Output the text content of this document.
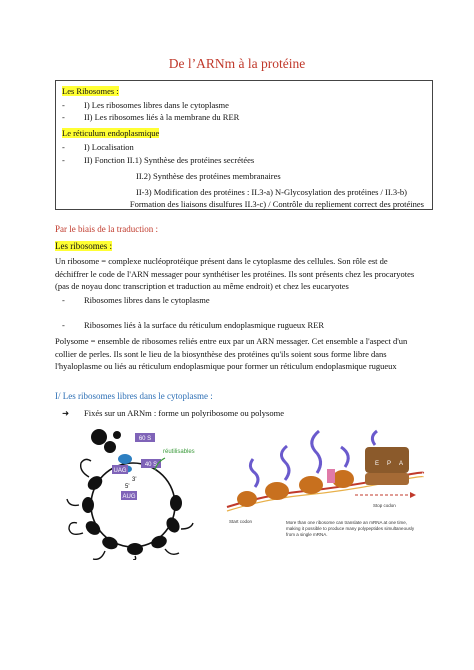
De l’ARNm à la protéine
Les Ribosomes :
- I) Les ribosomes libres dans le cytoplasme
- II) Les ribosomes liés à la membrane du RER
Le réticulum endoplasmique
- I) Localisation
- II) Fonction II.1) Synthèse des protéines secrétées
II.2) Synthèse des protéines membranaires
II-3) Modification des protéines : II.3-a) N-Glycosylation des protéines / II.3-b)
Formation des liaisons disulfures II.3-c) / Contrôle du repliement correct des protéines
Par le biais de la traduction :
Les ribosomes :
Un ribosome = complexe nucléoprotéique présent dans le cytoplasme des cellules. Son rôle est de déchiffrer le code de l'ARN messager pour synthétiser les protéines. Ils sont présents chez les procaryotes (pas de noyau donc transcription et traduction au même endroit) et chez les eucaryotes
- Ribosomes libres dans le cytoplasme
- Ribosomes liés à la surface du réticulum endoplasmique rugueux RER
Polysome = ensemble de ribosomes reliés entre eux par un ARN messager. Cet ensemble a l'aspect d'un collier de perles. Ils sont le lieu de la biosynthèse des protéines qu'ils soient sous forme libre dans l'hyaloplasme ou liés au réticulum endoplasmique pour former un réticulum endoplasmique rugueux
I/ Les ribosomes libres dans le cytoplasme :
➜ Fixés sur un ARNm : forme un polyribosome ou polysome
60 S
UAG
3'
40 S
réutilisables
5'
AUG
E P A
Start codon
Stop codon
More than one ribosome can translate an mRNA at one time, making it possible to produce many polypeptides simultaneously from a single mRNA.
